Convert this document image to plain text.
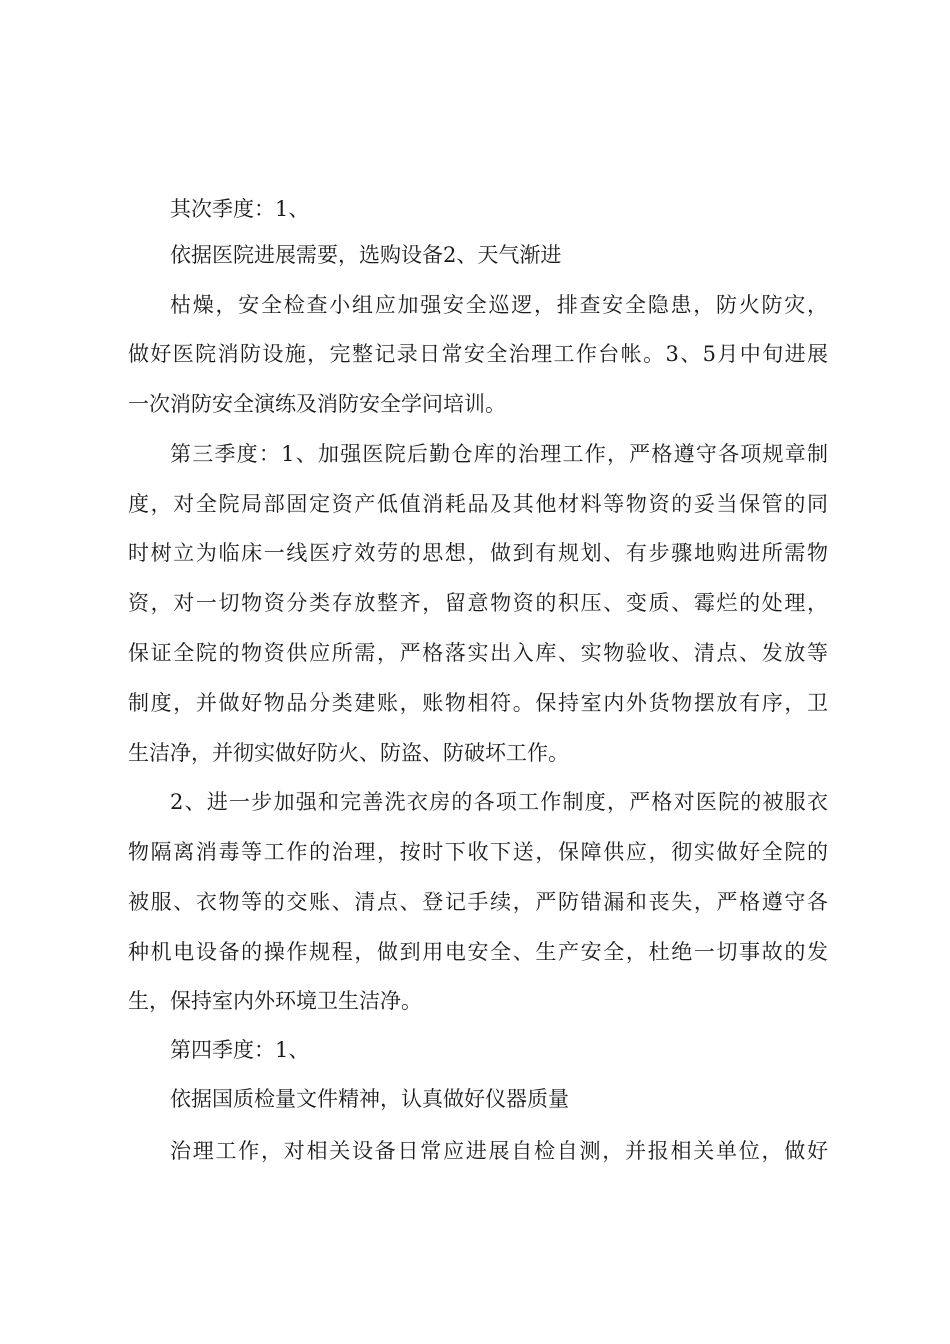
其次季度：1、
依据医院进展需要，选购设备2、天气渐进
枯燥，安全检查小组应加强安全巡逻，排查安全隐患，防火防灾，
做好医院消防设施，完整记录日常安全治理工作台帐。3、5月中旬进展
一次消防安全演练及消防安全学问培训。
第三季度：1、加强医院后勤仓库的治理工作，严格遵守各项规章制
度，对全院局部固定资产低值消耗品及其他材料等物资的妥当保管的同
时树立为临床一线医疗效劳的思想，做到有规划、有步骤地购进所需物
资，对一切物资分类存放整齐，留意物资的积压、变质、霉烂的处理，
保证全院的物资供应所需，严格落实出入库、实物验收、清点、发放等
制度，并做好物品分类建账，账物相符。保持室内外货物摆放有序，卫
生洁净，并彻实做好防火、防盗、防破坏工作。
2、进一步加强和完善洗衣房的各项工作制度，严格对医院的被服衣
物隔离消毒等工作的治理，按时下收下送，保障供应，彻实做好全院的
被服、衣物等的交账、清点、登记手续，严防错漏和丧失，严格遵守各
种机电设备的操作规程，做到用电安全、生产安全，杜绝一切事故的发
生，保持室内外环境卫生洁净。
第四季度：1、
依据国质检量文件精神，认真做好仪器质量
治理工作，对相关设备日常应进展自检自测，并报相关单位，做好
